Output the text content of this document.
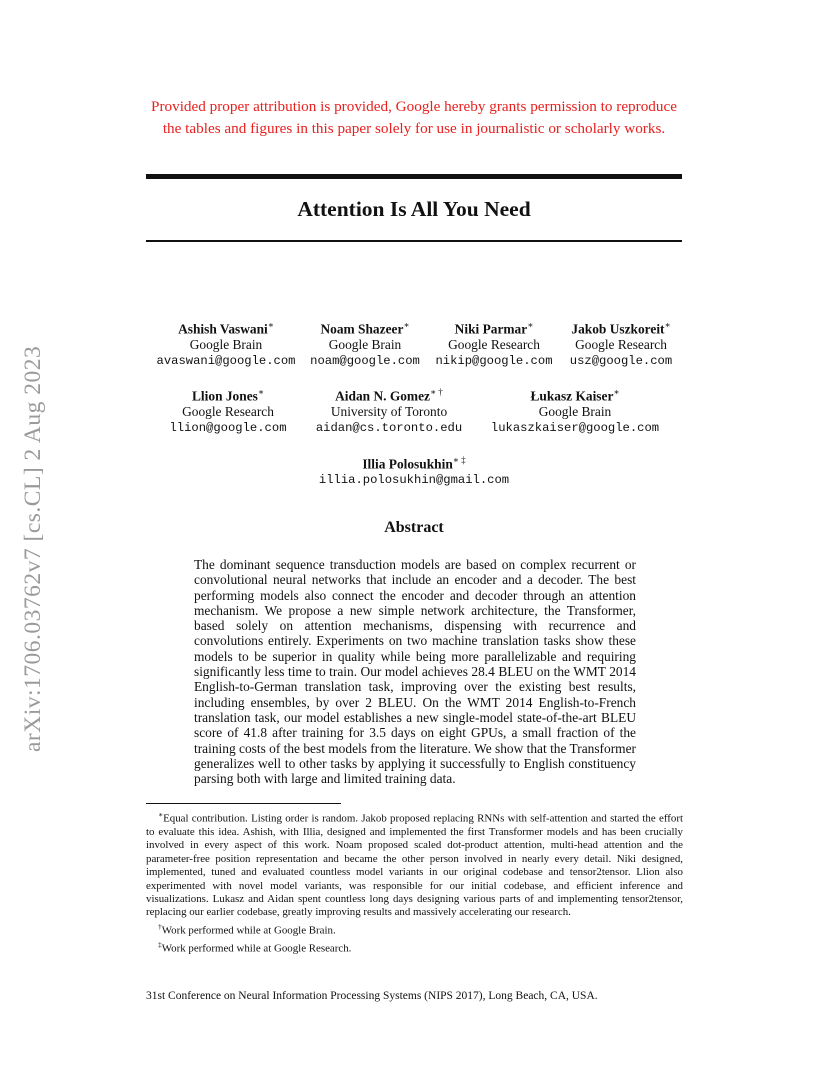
Provided proper attribution is provided, Google hereby grants permission to reproduce the tables and figures in this paper solely for use in journalistic or scholarly works.
Attention Is All You Need
arXiv:1706.03762v7 [cs.CL] 2 Aug 2023
Ashish Vaswani∗
Google Brain
avaswani@google.com
Noam Shazeer∗
Google Brain
noam@google.com
Niki Parmar∗
Google Research
nikip@google.com
Jakob Uszkoreit∗
Google Research
usz@google.com
Llion Jones∗
Google Research
llion@google.com
Aidan N. Gomez∗ †
University of Toronto
aidan@cs.toronto.edu
Łukasz Kaiser∗
Google Brain
lukaszkaiser@google.com
Illia Polosukhin∗ ‡
illia.polosukhin@gmail.com
Abstract
The dominant sequence transduction models are based on complex recurrent or convolutional neural networks that include an encoder and a decoder. The best performing models also connect the encoder and decoder through an attention mechanism. We propose a new simple network architecture, the Transformer, based solely on attention mechanisms, dispensing with recurrence and convolutions entirely. Experiments on two machine translation tasks show these models to be superior in quality while being more parallelizable and requiring significantly less time to train. Our model achieves 28.4 BLEU on the WMT 2014 English-to-German translation task, improving over the existing best results, including ensembles, by over 2 BLEU. On the WMT 2014 English-to-French translation task, our model establishes a new single-model state-of-the-art BLEU score of 41.8 after training for 3.5 days on eight GPUs, a small fraction of the training costs of the best models from the literature. We show that the Transformer generalizes well to other tasks by applying it successfully to English constituency parsing both with large and limited training data.

∗Equal contribution. Listing order is random. Jakob proposed replacing RNNs with self-attention and started the effort to evaluate this idea. Ashish, with Illia, designed and implemented the first Transformer models and has been crucially involved in every aspect of this work. Noam proposed scaled dot-product attention, multi-head attention and the parameter-free position representation and became the other person involved in nearly every detail. Niki designed, implemented, tuned and evaluated countless model variants in our original codebase and tensor2tensor. Llion also experimented with novel model variants, was responsible for our initial codebase, and efficient inference and visualizations. Lukasz and Aidan spent countless long days designing various parts of and implementing tensor2tensor, replacing our earlier codebase, greatly improving results and massively accelerating our research.

†Work performed while at Google Brain.

‡Work performed while at Google Research.

31st Conference on Neural Information Processing Systems (NIPS 2017), Long Beach, CA, USA.
